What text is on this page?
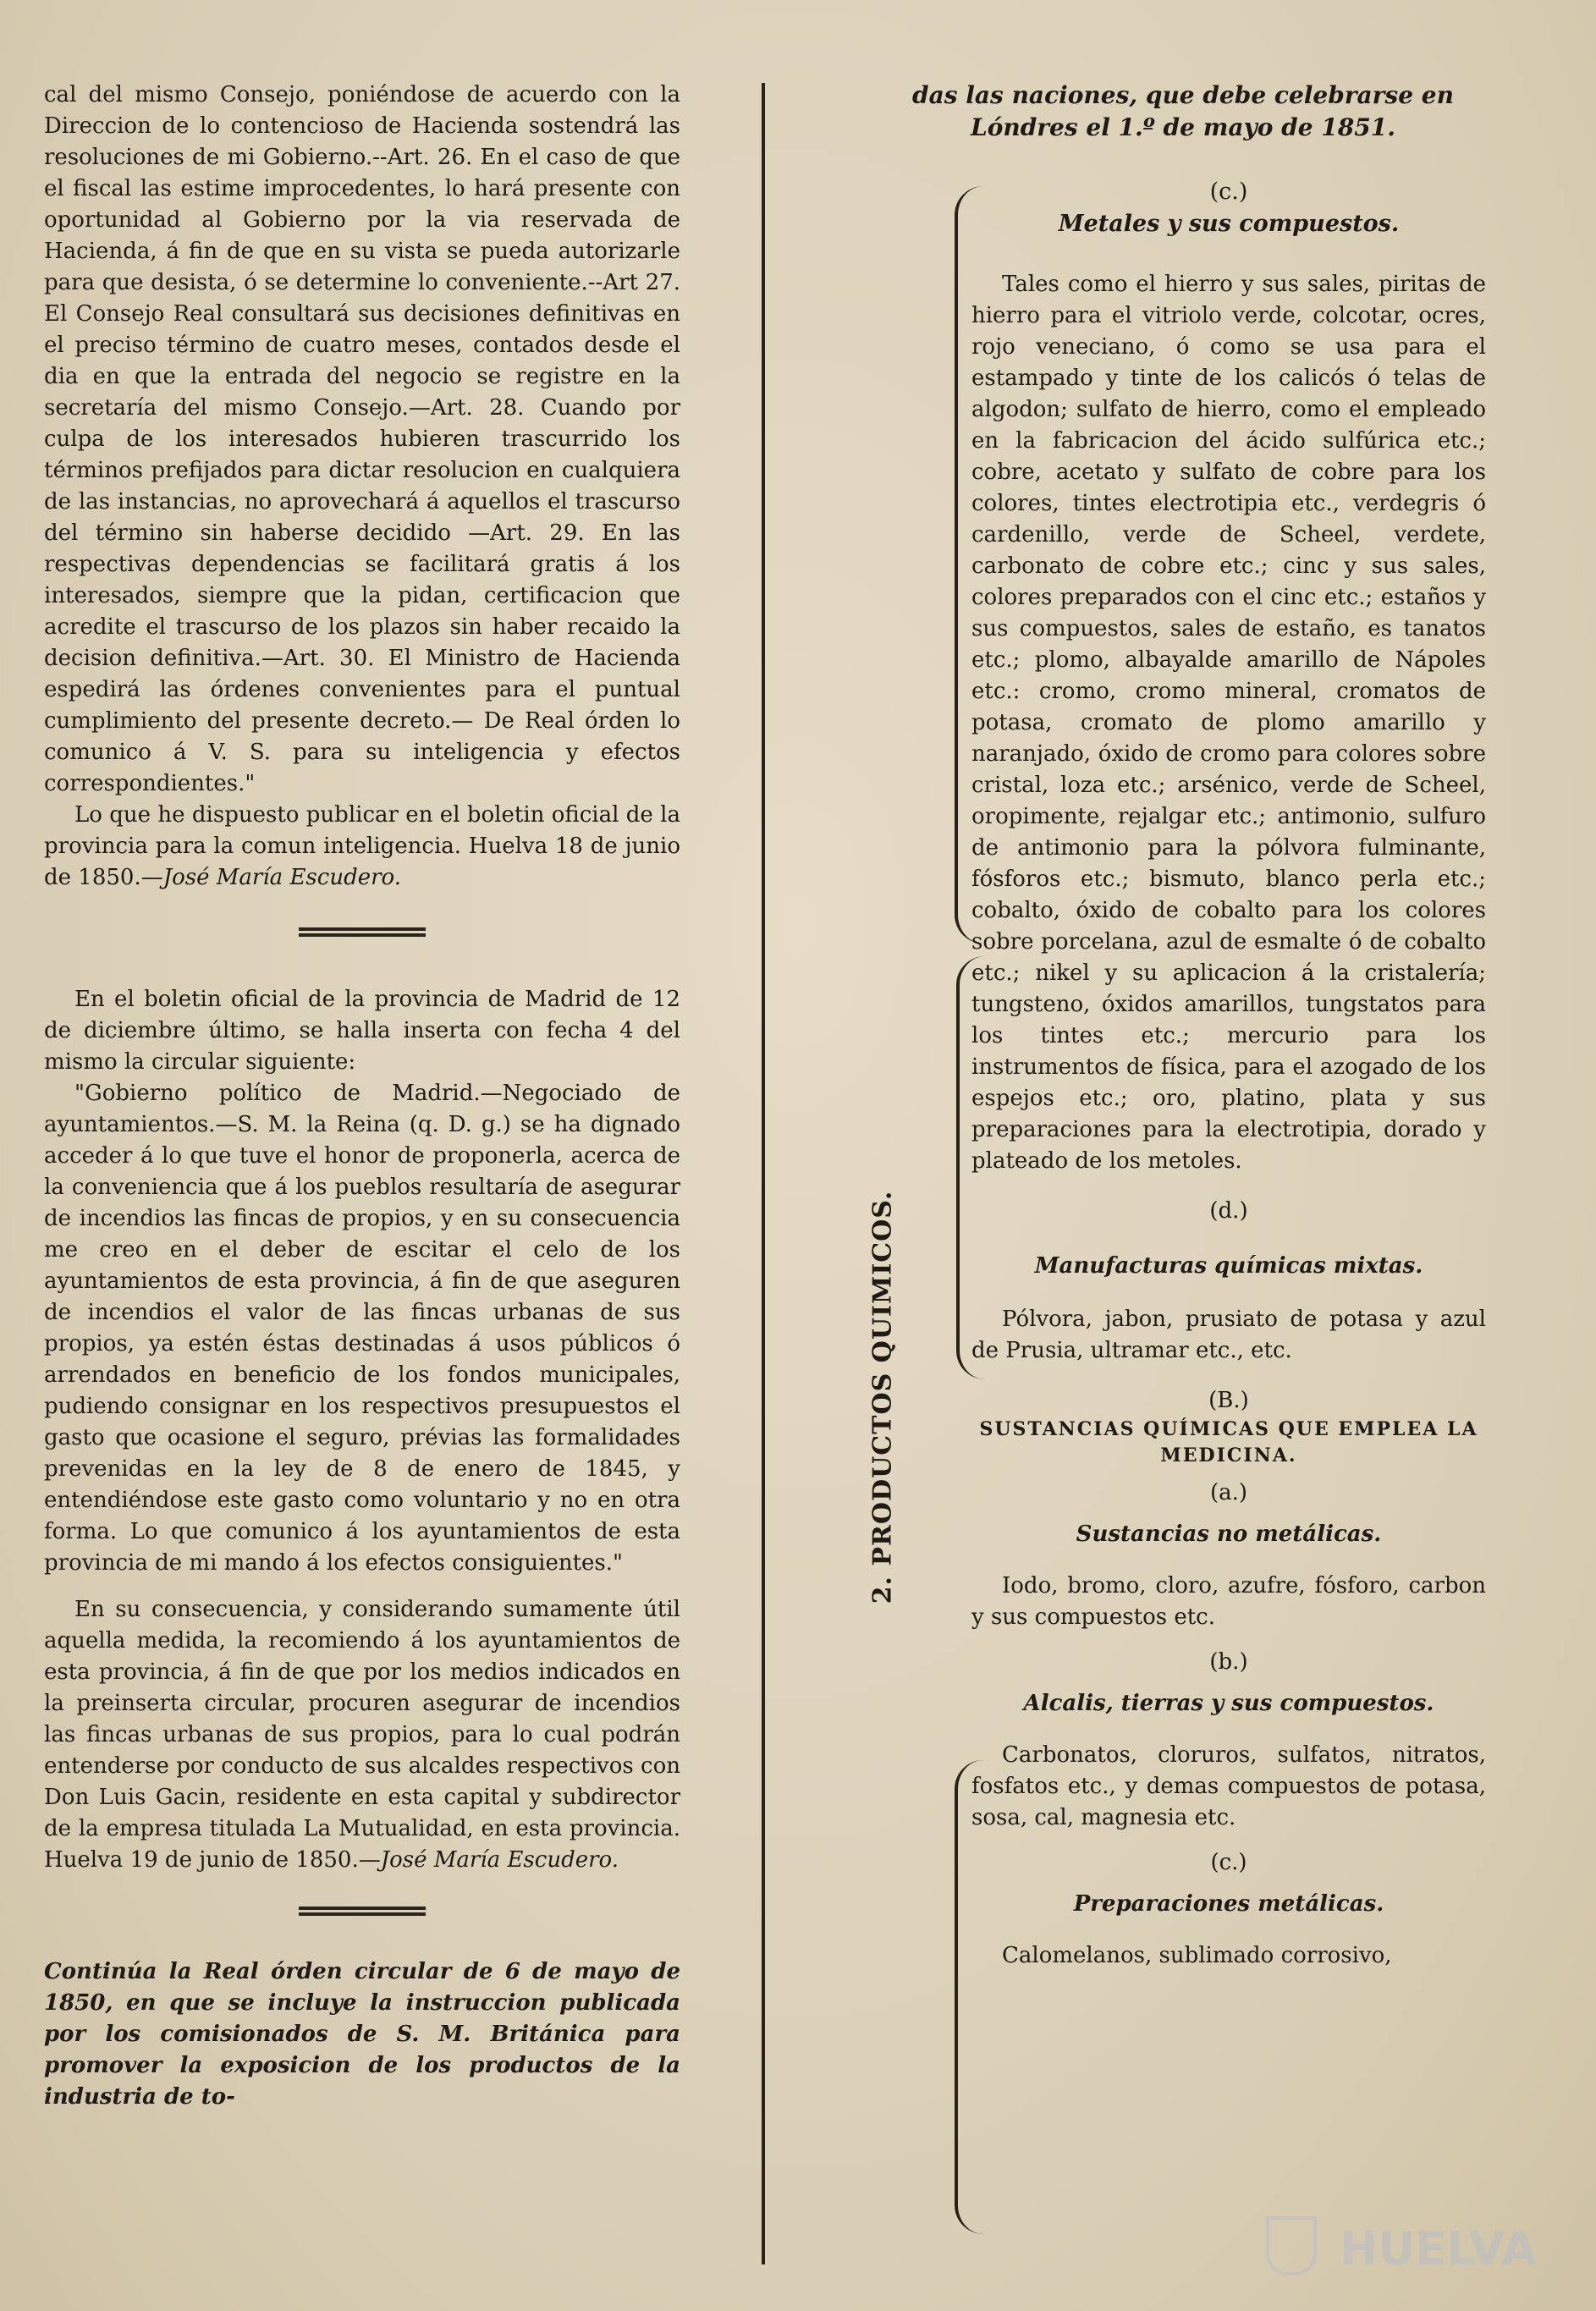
cal del mismo Consejo, poniéndose de acuerdo con la Direccion de lo contencioso de Hacienda sostendrá las resoluciones de mi Gobierno.--Art. 26. En el caso de que el fiscal las estime improcedentes, lo hará presente con oportunidad al Gobierno por la via reservada de Hacienda, á fin de que en su vista se pueda autorizarle para que desista, ó se determine lo conveniente.--Art 27. El Consejo Real consultará sus decisiones definitivas en el preciso término de cuatro meses, contados desde el dia en que la entrada del negocio se registre en la secretaría del mismo Consejo.—Art. 28. Cuando por culpa de los interesados hubieren trascurrido los términos prefijados para dictar resolucion en cualquiera de las instancias, no aprovechará á aquellos el trascurso del término sin haberse decidido —Art. 29. En las respectivas dependencias se facilitará gratis á los interesados, siempre que la pidan, certificacion que acredite el trascurso de los plazos sin haber recaido la decision definitiva.—Art. 30. El Ministro de Hacienda espedirá las órdenes convenientes para el puntual cumplimiento del presente decreto.— De Real órden lo comunico á V. S. para su inteligencia y efectos correspondientes."

Lo que he dispuesto publicar en el boletin oficial de la provincia para la comun inteligencia. Huelva 18 de junio de 1850.—José María Escudero.

En el boletin oficial de la provincia de Madrid de 12 de diciembre último, se halla inserta con fecha 4 del mismo la circular siguiente:

"Gobierno político de Madrid.—Negociado de ayuntamientos.—S. M. la Reina (q. D. g.) se ha dignado acceder á lo que tuve el honor de proponerla, acerca de la conveniencia que á los pueblos resultaría de asegurar de incendios las fincas de propios, y en su consecuencia me creo en el deber de escitar el celo de los ayuntamientos de esta provincia, á fin de que aseguren de incendios el valor de las fincas urbanas de sus propios, ya estén éstas destinadas á usos públicos ó arrendados en beneficio de los fondos municipales, pudiendo consignar en los respectivos presupuestos el gasto que ocasione el seguro, prévias las formalidades prevenidas en la ley de 8 de enero de 1845, y entendiéndose este gasto como voluntario y no en otra forma. Lo que comunico á los ayuntamientos de esta provincia de mi mando á los efectos consiguientes."

En su consecuencia, y considerando sumamente útil aquella medida, la recomiendo á los ayuntamientos de esta provincia, á fin de que por los medios indicados en la preinserta circular, procuren asegurar de incendios las fincas urbanas de sus propios, para lo cual podrán entenderse por conducto de sus alcaldes respectivos con Don Luis Gacin, residente en esta capital y subdirector de la empresa titulada La Mutualidad, en esta provincia. Huelva 19 de junio de 1850.—José María Escudero.

Continúa la Real órden circular de 6 de mayo de 1850, en que se incluye la instruccion publicada por los comisionados de S. M. Británica para promover la exposicion de los productos de la industria de to-

das las naciones, que debe celebrarse en Lóndres el 1.º de mayo de 1851.
2. PRODUCTOS QUIMICOS.

(c.)

Metales y sus compuestos.

Tales como el hierro y sus sales, piritas de hierro para el vitriolo verde, colcotar, ocres, rojo veneciano, ó como se usa para el estampado y tinte de los calicós ó telas de algodon; sulfato de hierro, como el empleado en la fabricacion del ácido sulfúrica etc.; cobre, acetato y sulfato de cobre para los colores, tintes electrotipia etc., verdegris ó cardenillo, verde de Scheel, verdete, carbonato de cobre etc.; cinc y sus sales, colores preparados con el cinc etc.; estaños y sus compuestos, sales de estaño, es tanatos etc.; plomo, albayalde amarillo de Nápoles etc.: cromo, cromo mineral, cromatos de potasa, cromato de plomo amarillo y naranjado, óxido de cromo para colores sobre cristal, loza etc.; arsénico, verde de Scheel, oropimente, rejalgar etc.; antimonio, sulfuro de antimonio para la pólvora fulminante, fósforos etc.; bismuto, blanco perla etc.; cobalto, óxido de cobalto para los colores sobre porcelana, azul de esmalte ó de cobalto etc.; nikel y su aplicacion á la cristalería; tungsteno, óxidos amarillos, tungstatos para los tintes etc.; mercurio para los instrumentos de física, para el azogado de los espejos etc.; oro, platino, plata y sus preparaciones para la electrotipia, dorado y plateado de los metoles.

(d.)

Manufacturas químicas mixtas.

Pólvora, jabon, prusiato de potasa y azul de Prusia, ultramar etc., etc.

(B.)

SUSTANCIAS QUÍMICAS QUE EMPLEA LA MEDICINA.

(a.)

Sustancias no metálicas.

Iodo, bromo, cloro, azufre, fósforo, carbon y sus compuestos etc.

(b.)

Alcalis, tierras y sus compuestos.

Carbonatos, cloruros, sulfatos, nitratos, fosfatos etc., y demas compuestos de potasa, sosa, cal, magnesia etc.

(c.)

Preparaciones metálicas.

Calomelanos, sublimado corrosivo,

HUELVA
